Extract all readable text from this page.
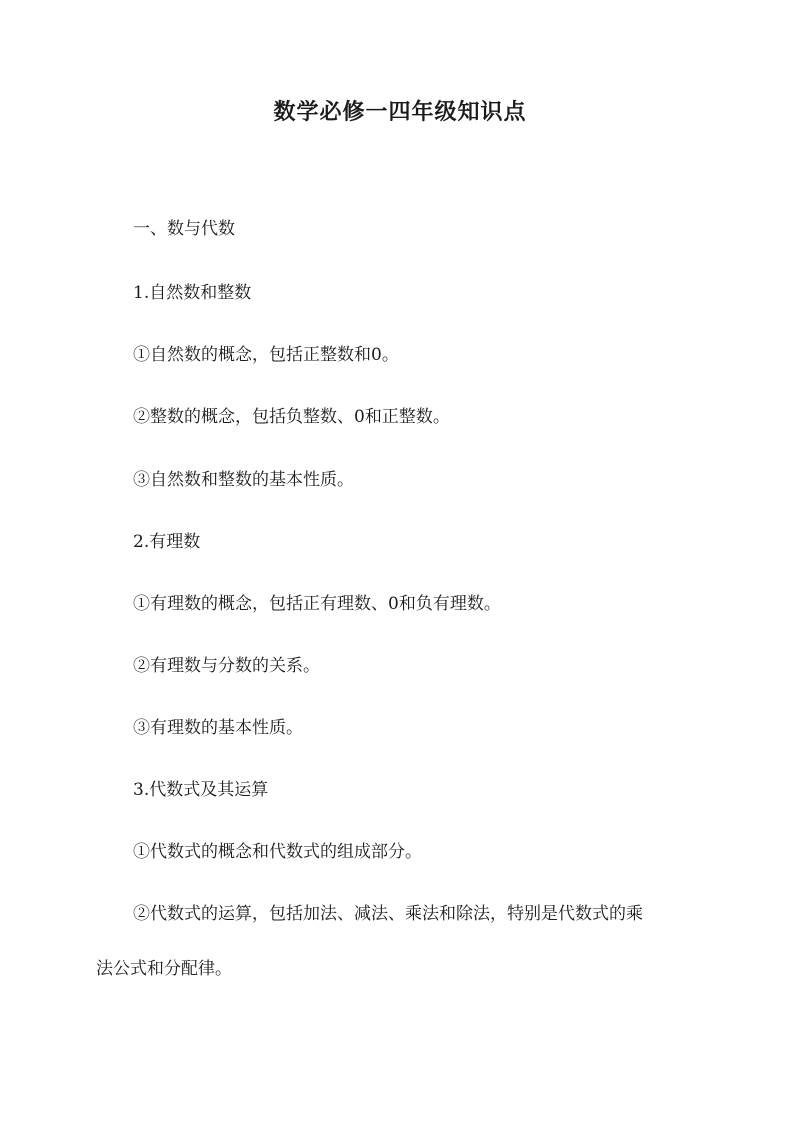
数学必修一四年级知识点
一、数与代数
1.自然数和整数
①自然数的概念，包括正整数和0。
②整数的概念，包括负整数、0和正整数。
③自然数和整数的基本性质。
2.有理数
①有理数的概念，包括正有理数、0和负有理数。
②有理数与分数的关系。
③有理数的基本性质。
3.代数式及其运算
①代数式的概念和代数式的组成部分。
②代数式的运算，包括加法、减法、乘法和除法，特别是代数式的乘
法公式和分配律。
